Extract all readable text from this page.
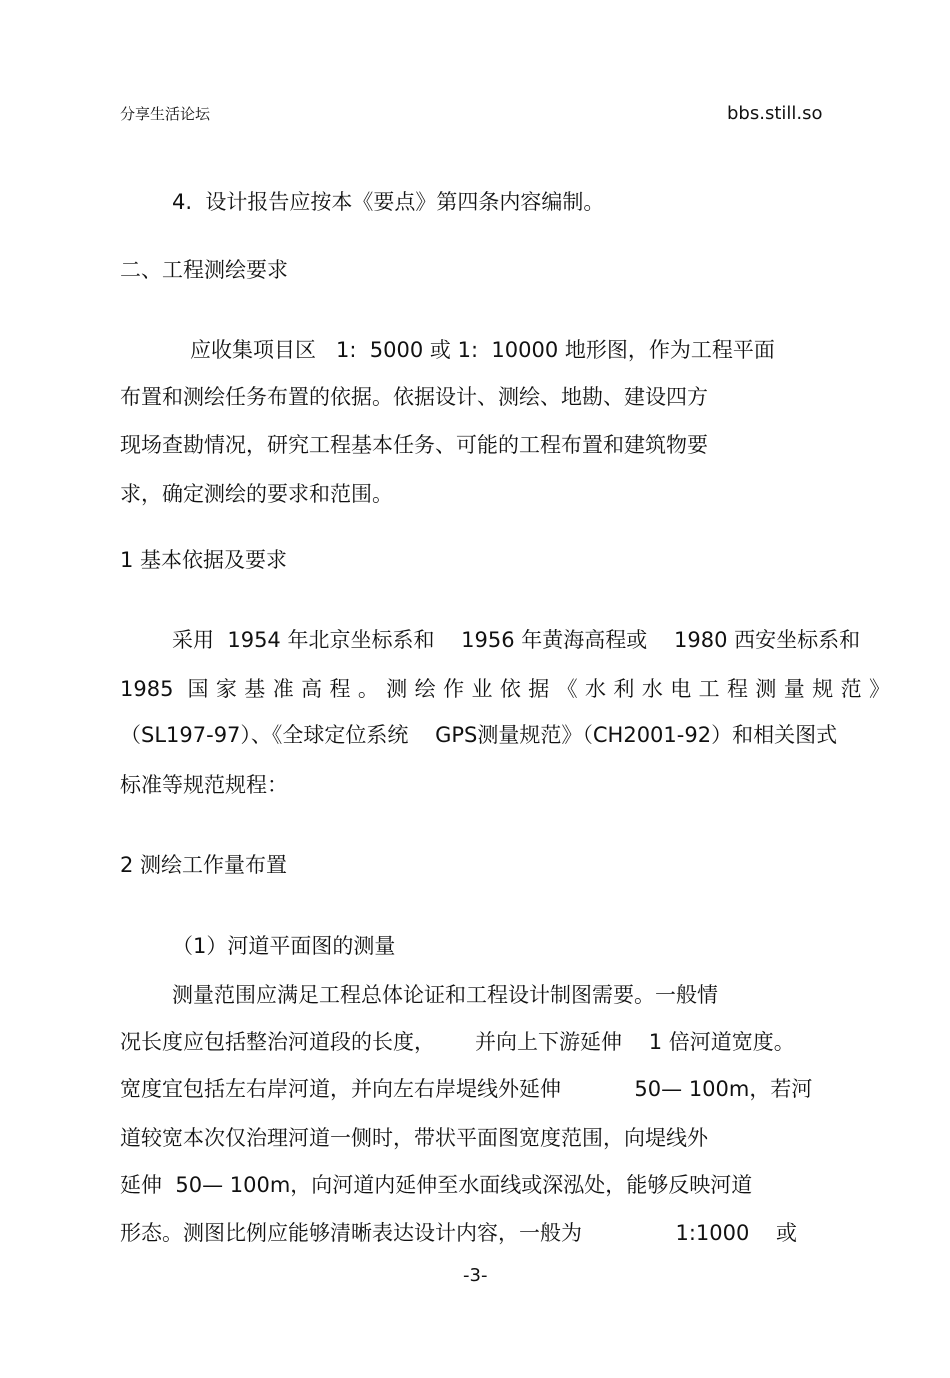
分享生活论坛	bbs.still.so
4.  设计报告应按本《要点》第四条内容编制。
二、工程测绘要求
应收集项目区   1:  5000 或 1:  10000 地形图，作为工程平面
布置和测绘任务布置的依据。依据设计、测绘、地勘、建设四方
现场查勘情况，研究工程基本任务、可能的工程布置和建筑物要
求，确定测绘的要求和范围。
1 基本依据及要求
采用  1954 年北京坐标系和    1956 年黄海高程或    1980 西安坐标系和
1985 国家基准高程。测绘作业依据《水利水电工程测量规范》
（SL197-97）、《全球定位系统    GPS测量规范》（CH2001-92）和相关图式
标准等规范规程：
2 测绘工作量布置
（1）河道平面图的测量
测量范围应满足工程总体论证和工程设计制图需要。一般情
况长度应包括整治河道段的长度，      并向上下游延伸    1 倍河道宽度。
宽度宜包括左右岸河道，并向左右岸堤线外延伸           50— 100m，若河
道较宽本次仅治理河道一侧时，带状平面图宽度范围，向堤线外
延伸  50— 100m，向河道内延伸至水面线或深泓处，能够反映河道
形态。测图比例应能够清晰表达设计内容，一般为              1:1000    或
-3-
